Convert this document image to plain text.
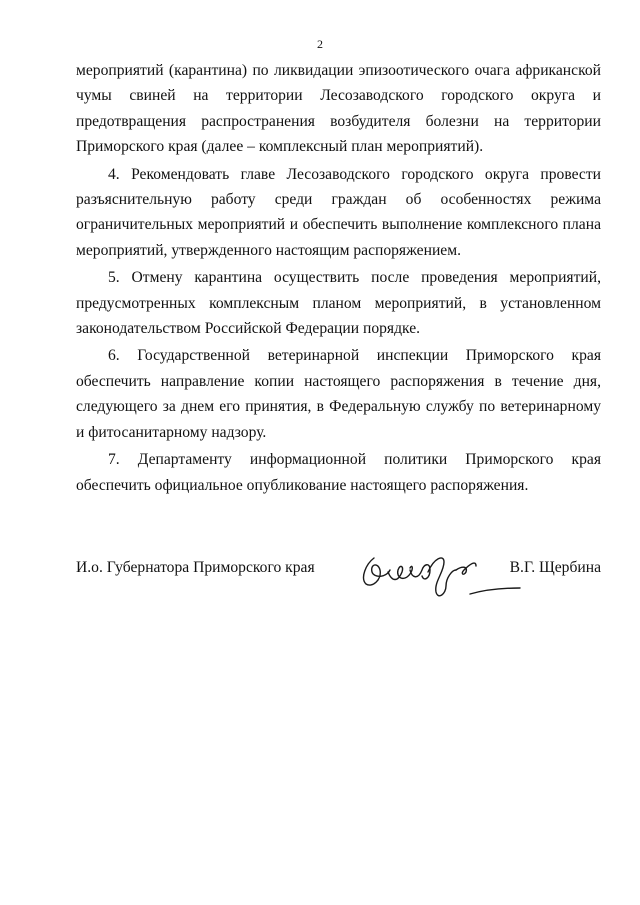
2

мероприятий (карантина) по ликвидации эпизоотического очага африканской чумы свиней на территории Лесозаводского городского округа и предотвращения распространения возбудителя болезни на территории Приморского края (далее – комплексный план мероприятий).

4. Рекомендовать главе Лесозаводского городского округа провести разъяснительную работу среди граждан об особенностях режима ограничительных мероприятий и обеспечить выполнение комплексного плана мероприятий, утвержденного настоящим распоряжением.

5. Отмену карантина осуществить после проведения мероприятий, предусмотренных комплексным планом мероприятий, в установленном законодательством Российской Федерации порядке.

6. Государственной ветеринарной инспекции Приморского края обеспечить направление копии настоящего распоряжения в течение дня, следующего за днем его принятия, в Федеральную службу по ветеринарному и фитосанитарному надзору.

7. Департаменту информационной политики Приморского края обеспечить официальное опубликование настоящего распоряжения.

И.о. Губернатора Приморского края	В.Г. Щербина
